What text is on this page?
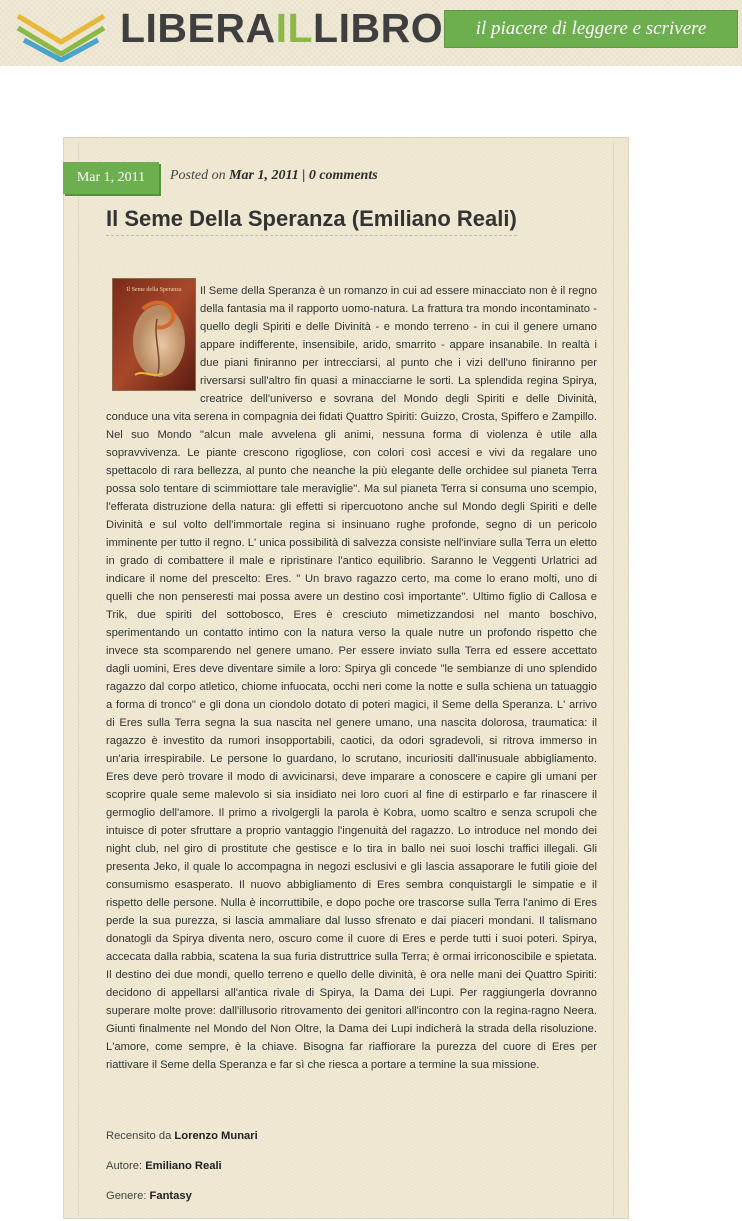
LIBERAILLIBRO	il piacere di leggere e scrivere
Mar 1, 2011	Posted on Mar 1, 2011 | 0 comments
Il Seme Della Speranza (Emiliano Reali)
Il Seme della Speranza	Il Seme della Speranza è un romanzo in cui ad essere minacciato non è il regno della fantasia ma il rapporto uomo-natura. La frattura tra mondo incontaminato - quello degli Spiriti e delle Divinità - e mondo terreno - in cui il genere umano appare indifferente, insensibile, arido, smarrito - appare insanabile. In realtà i due piani finiranno per intrecciarsi, al punto che i vizi dell'uno finiranno per riversarsi sull'altro fin quasi a minacciarne le sorti. La splendida regina Spirya, creatrice dell'universo e sovrana del Mondo degli Spiriti e delle Divinità, conduce una vita serena in compagnia dei fidati Quattro Spiriti: Guizzo, Crosta, Spiffero e Zampillo. Nel suo Mondo "alcun male avvelena gli animi, nessuna forma di violenza è utile alla sopravvivenza. Le piante crescono rigogliose, con colori così accesi e vivi da regalare uno spettacolo di rara bellezza, al punto che neanche la più elegante delle orchidee sul pianeta Terra possa solo tentare di scimmiottare tale meraviglie". Ma sul pianeta Terra si consuma uno scempio, l'efferata distruzione della natura: gli effetti si ripercuotono anche sul Mondo degli Spiriti e delle Divinità e sul volto dell'immortale regina si insinuano rughe profonde, segno di un pericolo imminente per tutto il regno. L' unica possibilità di salvezza consiste nell'inviare sulla Terra un eletto in grado di combattere il male e ripristinare l'antico equilibrio. Saranno le Veggenti Urlatrici ad indicare il nome del prescelto: Eres. " Un bravo ragazzo certo, ma come lo erano molti, uno di quelli che non penseresti mai possa avere un destino così importante". Ultimo figlio di Callosa e Trik, due spiriti del sottobosco, Eres è cresciuto mimetizzandosi nel manto boschivo, sperimentando un contatto intimo con la natura verso la quale nutre un profondo rispetto che invece sta scomparendo nel genere umano. Per essere inviato sulla Terra ed essere accettato dagli uomini, Eres deve diventare simile a loro: Spirya gli concede "le sembianze di uno splendido ragazzo dal corpo atletico, chiome infuocata, occhi neri come la notte e sulla schiena un tatuaggio a forma di tronco" e gli dona un ciondolo dotato di poteri magici, il Seme della Speranza. L' arrivo di Eres sulla Terra segna la sua nascita nel genere umano, una nascita dolorosa, traumatica: il ragazzo è investito da rumori insopportabili, caotici, da odori sgradevoli, si ritrova immerso in un'aria irrespirabile. Le persone lo guardano, lo scrutano, incuriositi dall'inusuale abbigliamento. Eres deve però trovare il modo di avvicinarsi, deve imparare a conoscere e capire gli umani per scoprire quale seme malevolo si sia insidiato nei loro cuori al fine di estirparlo e far rinascere il germoglio dell'amore. Il primo a rivolgergli la parola è Kobra, uomo scaltro e senza scrupoli che intuisce di poter sfruttare a proprio vantaggio l'ingenuità del ragazzo. Lo introduce nel mondo dei night club, nel giro di prostitute che gestisce e lo tira in ballo nei suoi loschi traffici illegali. Gli presenta Jeko, il quale lo accompagna in negozi esclusivi e gli lascia assaporare le futili gioie del consumismo esasperato. Il nuovo abbigliamento di Eres sembra conquistargli le simpatie e il rispetto delle persone. Nulla è incorruttibile, e dopo poche ore trascorse sulla Terra l'animo di Eres perde la sua purezza, si lascia ammaliare dal lusso sfrenato e dai piaceri mondani. Il talismano donatogli da Spirya diventa nero, oscuro come il cuore di Eres e perde tutti i suoi poteri. Spirya, accecata dalla rabbia, scatena la sua furia distruttrice sulla Terra; è ormai irriconoscibile e spietata. Il destino dei due mondi, quello terreno e quello delle divinità, è ora nelle mani dei Quattro Spiriti: decidono di appellarsi all'antica rivale di Spirya, la Dama dei Lupi. Per raggiungerla dovranno superare molte prove: dall'illusorio ritrovamento dei genitori all'incontro con la regina-ragno Neera. Giunti finalmente nel Mondo del Non Oltre, la Dama dei Lupi indicherà la strada della risoluzione. L'amore, come sempre, è la chiave. Bisogna far riaffiorare la purezza del cuore di Eres per riattivare il Seme della Speranza e far sì che riesca a portare a termine la sua missione.

Recensito da Lorenzo Munari
Autore: Emiliano Reali
Genere: Fantasy
